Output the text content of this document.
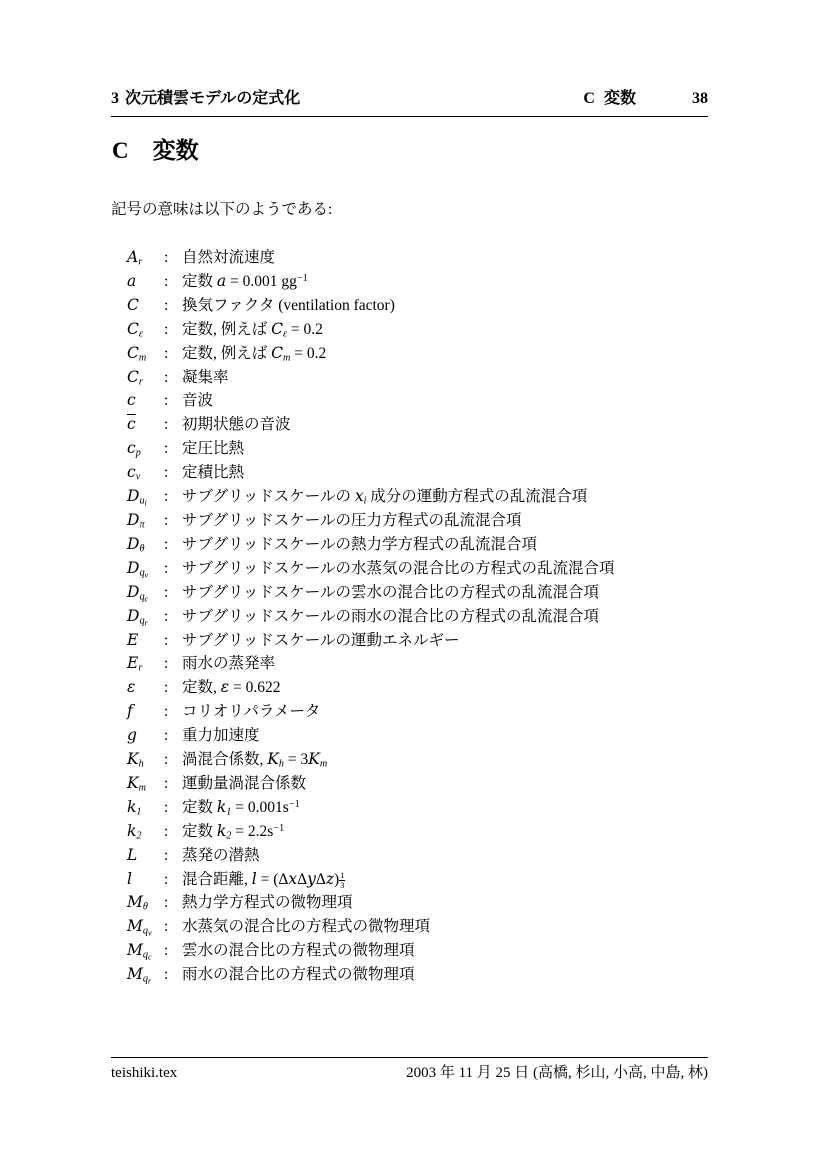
3 次元積雲モデルの定式化	C 変数	38
C 変数

記号の意味は以下のようである:

Ar	:	自然対流速度
a	:	定数 a = 0.001 $gg^{-1}$
C	:	換気ファクタ (ventilation factor)
Cε	:	定数, 例えば Cε = 0.2
Cm	:	定数, 例えば Cm = 0.2
Cr	:	凝集率
c	:	音波
$\overline{c}$	:	初期状態の音波
cp	:	定圧比熱
cv	:	定積比熱
$Du_i$	:	サブグリッドスケールの xi 成分の運動方程式の乱流混合項
Dπ	:	サブグリッドスケールの圧力方程式の乱流混合項
Dθ	:	サブグリッドスケールの熱力学方程式の乱流混合項
$Dq_v$	:	サブグリッドスケールの水蒸気の混合比の方程式の乱流混合項
$Dq_c$	:	サブグリッドスケールの雲水の混合比の方程式の乱流混合項
$Dq_r$	:	サブグリッドスケールの雨水の混合比の方程式の乱流混合項
E	:	サブグリッドスケールの運動エネルギー
Er	:	雨水の蒸発率
ε	:	定数, ε = 0.622
f	:	コリオリパラメータ
g	:	重力加速度
Kh	:	渦混合係数, Kh = 3Km
Km	:	運動量渦混合係数
k1	:	定数 $k1 = 0.001s^{-1}$
k2	:	定数 $k2 = 2.2s^{-1}$
L	:	蒸発の潜熱
l	:	混合距離, $l = (\Delta x\Delta y\Delta z) \frac{1}{3}$

Mθ	:	熱力学方程式の微物理項
$Mq_v$	:	水蒸気の混合比の方程式の微物理項
$Mq_c$	:	雲水の混合比の方程式の微物理項
$Mq_r$	:	雨水の混合比の方程式の微物理項
teishiki.tex	2003 年 11 月 25 日 (高橋, 杉山, 小高, 中島, 林)
